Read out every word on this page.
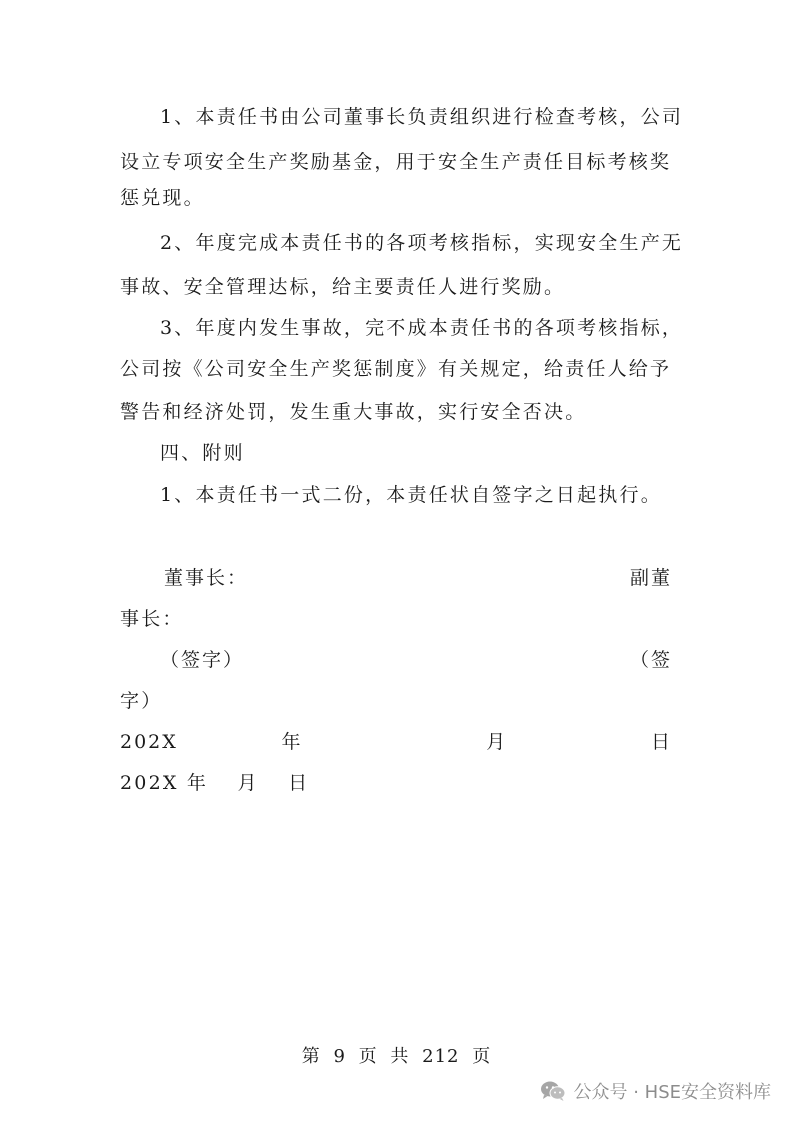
1、本责任书由公司董事长负责组织进行检查考核，公司
设立专项安全生产奖励基金，用于安全生产责任目标考核奖
惩兑现。
2、年度完成本责任书的各项考核指标，实现安全生产无
事故、安全管理达标，给主要责任人进行奖励。
3、年度内发生事故，完不成本责任书的各项考核指标，
公司按《公司安全生产奖惩制度》有关规定，给责任人给予
警告和经济处罚，发生重大事故，实行安全否决。
四、附则
1、本责任书一式二份，本责任状自签字之日起执行。
董事长：	副董
事长：
（签字）	（签
字）
202X	年	月	日
202X 年　 月　 日
第 9 页 共 212 页
公众号 · HSE安全资料库
